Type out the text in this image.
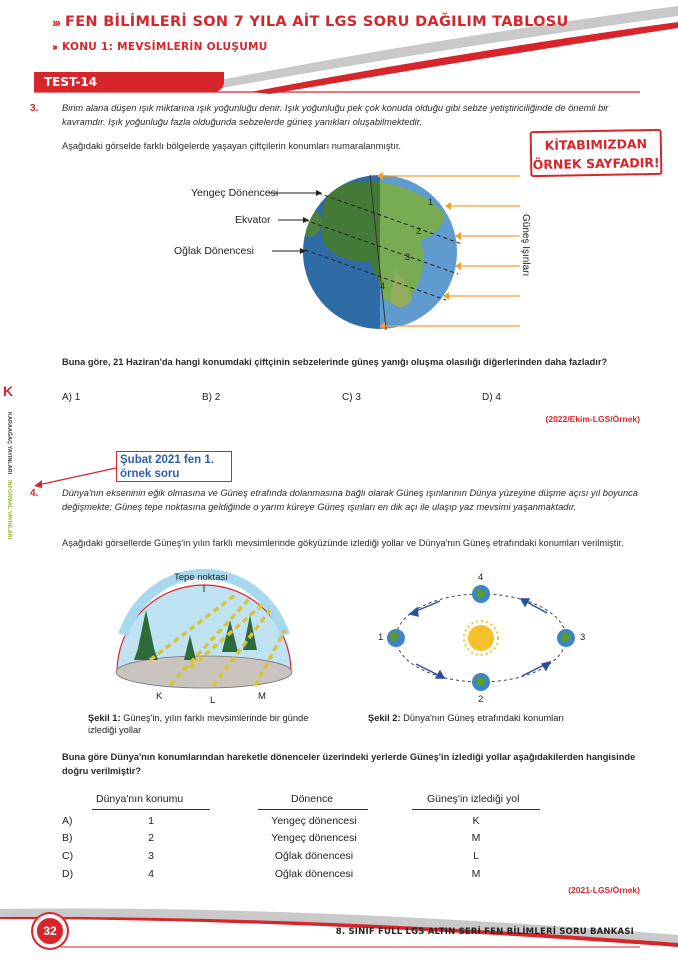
››› FEN BİLİMLERİ SON 7 YILA AİT LGS SORU DAĞILIM TABLOSU
››› KONU 1: MEVSİMLERİN OLUŞUMU
TEST-14
K
KARAAĞAÇ YAYINLARI
İNFORMAL YAYINLARI
KİTABIMIZDAN
ÖRNEK SAYFADIR!
3.	Birim alana düşen ışık miktarına ışık yoğunluğu denir. Işık yoğunluğu pek çok konuda olduğu gibi sebze yetiştiriciliğinde de önemli bir kavramdır. Işık yoğunluğu fazla olduğunda sebzelerde güneş yanıkları oluşabilmektedir.
Aşağıdaki görselde farklı bölgelerde yaşayan çiftçilerin konumları numaralanmıştır.
Yengeç Dönencesi
Ekvator
Oğlak Dönencesi	Güneş Işınları
1
2
3
4
Buna göre, 21 Haziran'da hangi konumdaki çiftçinin sebzelerinde güneş yanığı oluşma olasılığı diğerlerinden daha fazladır?
A) 1	B) 2	C) 3	D) 4
(2022/Ekim-LGS/Örnek)
Şubat 2021 fen 1.
örnek soru
4.	Dünya'nın ekseninin eğik olmasına ve Güneş etrafında dolanmasına bağlı olarak Güneş ışınlarının Dünya yüzeyine düşme açısı yıl boyunca değişmekte; Güneş tepe noktasına geldiğinde o yarım küreye Güneş ışınları en dik açı ile ulaşıp yaz mevsimi yaşanmaktadır.
Aşağıdaki görsellerde Güneş'in yılın farklı mevsimlerinde gökyüzünde izlediği yollar ve Dünya'nın Güneş etrafındaki konumları verilmiştir.
Tepe noktası
K	L	M
1
2
3
4
Şekil 1: Güneş'in, yılın farklı mevsimlerinde bir günde izlediği yollar
Şekil 2: Dünya'nın Güneş etrafındaki konumları
Buna göre Dünya'nın konumlarından hareketle dönenceler üzerindeki yerlerde Güneş'in izlediği yollar aşağıdakilerden hangisinde doğru verilmiştir?
Dünya'nın konumu	Dönence	Güneş'in izlediği yol
A)	1	Yengeç dönencesi	K
B)	2	Yengeç dönencesi	M
C)	3	Oğlak dönencesi	L
D)	4	Oğlak dönencesi	M
(2021-LGS/Örnek)
32	8. SINIF FULL LGS ALTIN SERİ FEN BİLİMLERİ SORU BANKASI
